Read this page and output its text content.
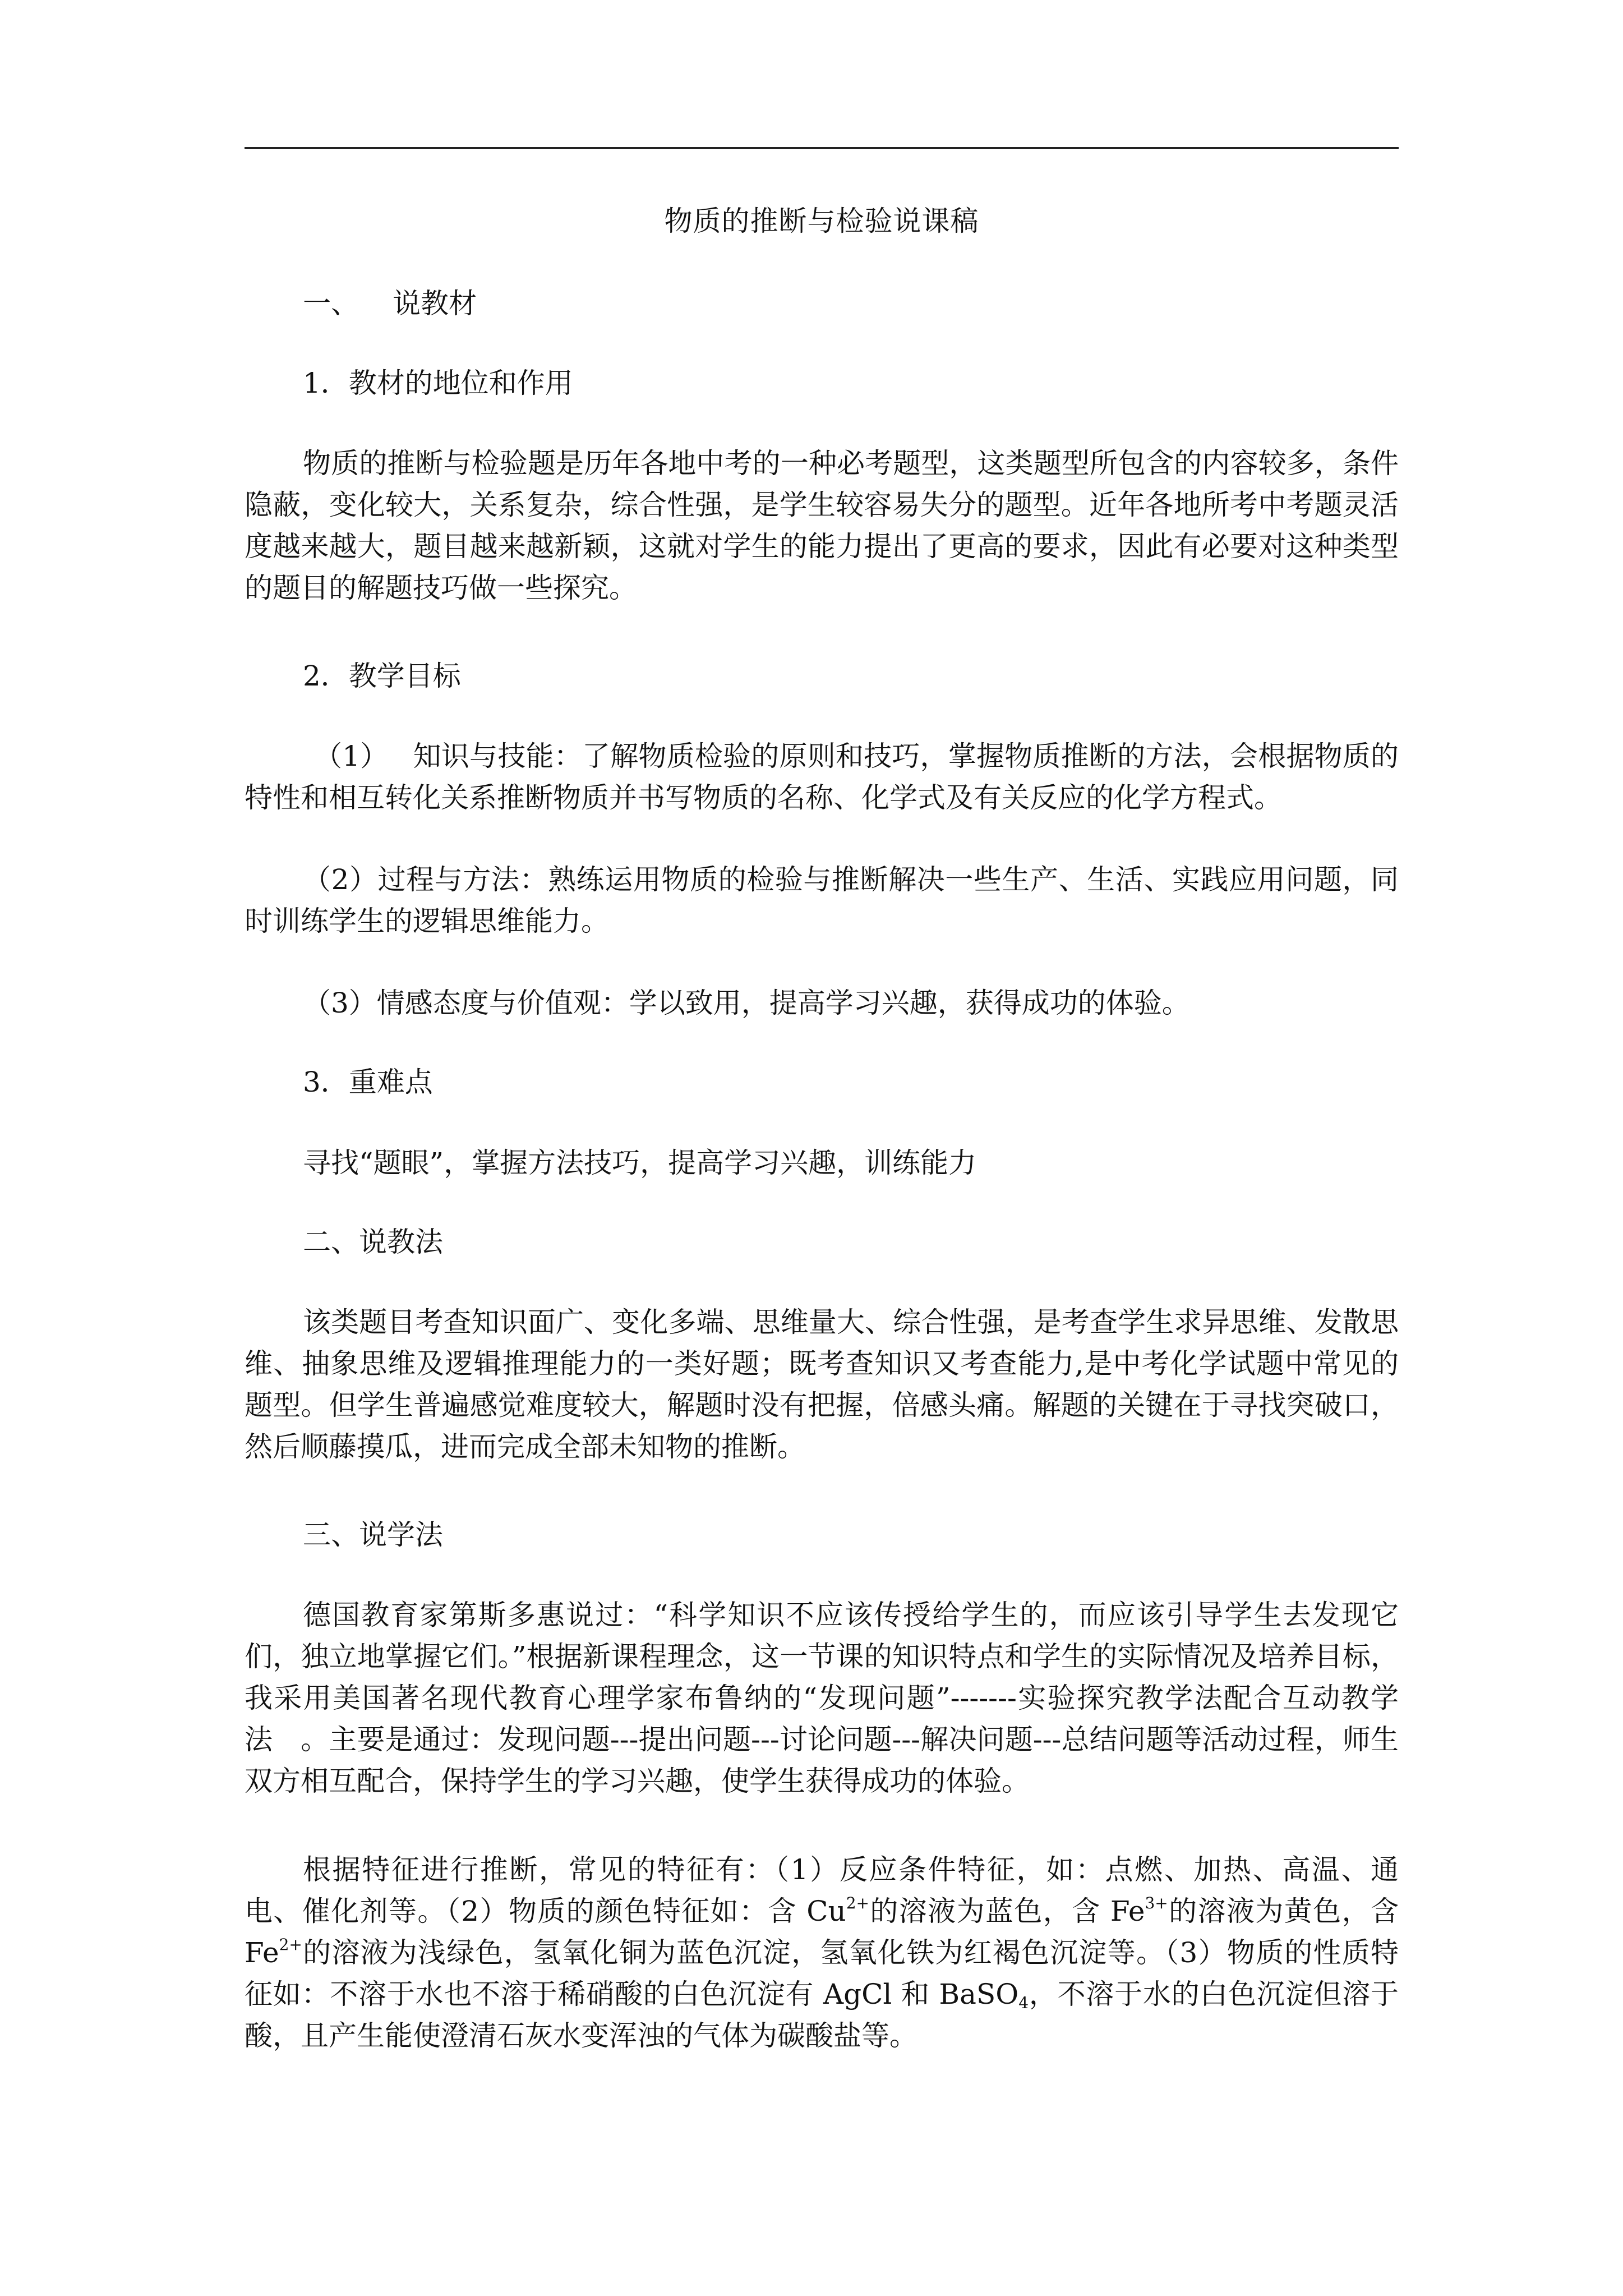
物质的推断与检验说课稿
一、 说教材
1．教材的地位和作用

物质的推断与检验题是历年各地中考的一种必考题型，这类题型所包含的内容较多，条件隐蔽，变化较大，关系复杂，综合性强，是学生较容易失分的题型。近年各地所考中考题灵活度越来越大，题目越来越新颖，这就对学生的能力提出了更高的要求，因此有必要对这种类型的题目的解题技巧做一些探究。

2．教学目标

（1） 知识与技能：了解物质检验的原则和技巧，掌握物质推断的方法，会根据物质的特性和相互转化关系推断物质并书写物质的名称、化学式及有关反应的化学方程式。

（2）过程与方法：熟练运用物质的检验与推断解决一些生产、生活、实践应用问题，同时训练学生的逻辑思维能力。

（3）情感态度与价值观：学以致用，提高学习兴趣，获得成功的体验。

3．重难点

寻找“题眼”，掌握方法技巧，提高学习兴趣，训练能力

二、说教法

该类题目考查知识面广、变化多端、思维量大、综合性强，是考查学生求异思维、发散思维、抽象思维及逻辑推理能力的一类好题；既考查知识又考查能力,是中考化学试题中常见的题型。但学生普遍感觉难度较大，解题时没有把握，倍感头痛。解题的关键在于寻找突破口，然后顺藤摸瓜，进而完成全部未知物的推断。

三、说学法

德国教育家第斯多惠说过：“科学知识不应该传授给学生的，而应该引导学生去发现它们，独立地掌握它们。”根据新课程理念，这一节课的知识特点和学生的实际情况及培养目标，我采用美国著名现代教育心理学家布鲁纳的“发现问题”-------实验探究教学法配合互动教学法　。主要是通过：发现问题---提出问题---讨论问题---解决问题---总结问题等活动过程，师生双方相互配合，保持学生的学习兴趣，使学生获得成功的体验。

根据特征进行推断，常见的特征有：（1）反应条件特征，如：点燃、加热、高温、通电、催化剂等。（2）物质的颜色特征如：含 $Cu^{2+}$的溶液为蓝色，含 $Fe^{3+}$的溶液为黄色，含 $Fe^{2+}$的溶液为浅绿色，氢氧化铜为蓝色沉淀，氢氧化铁为红褐色沉淀等。（3）物质的性质特征如：不溶于水也不溶于稀硝酸的白色沉淀有 AgCl 和 BaSO$_4$，不溶于水的白色沉淀但溶于酸，且产生能使澄清石灰水变浑浊的气体为碳酸盐等。
